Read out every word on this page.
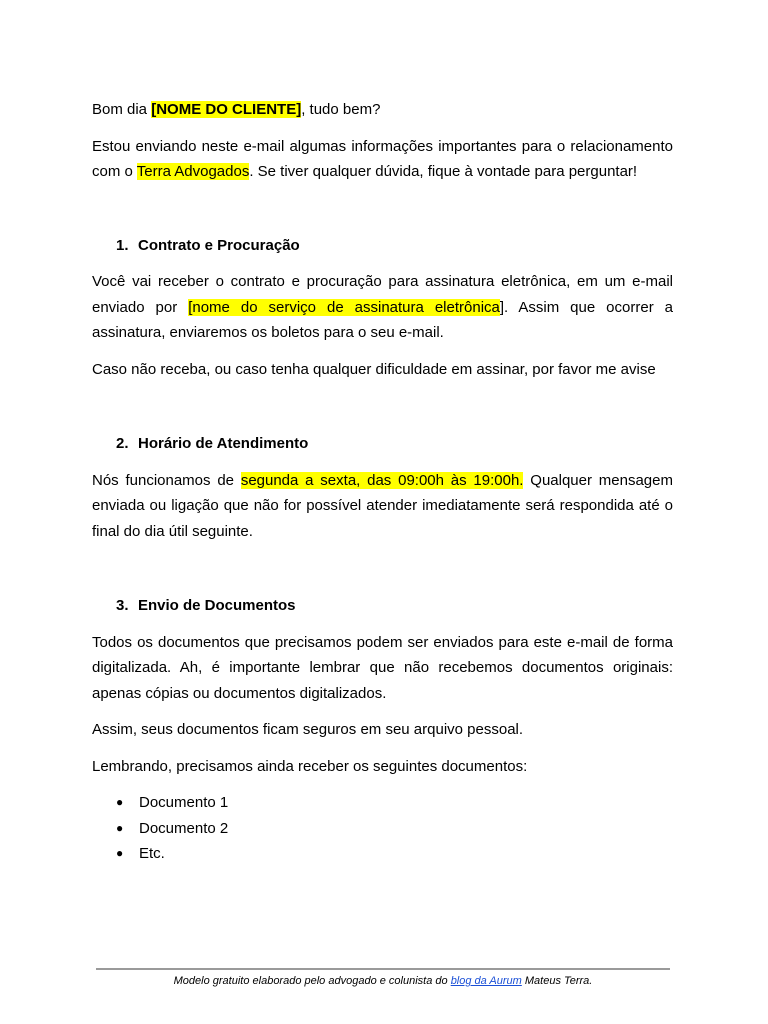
Bom dia [NOME DO CLIENTE], tudo bem?

Estou enviando neste e-mail algumas informações importantes para o relacionamento com o Terra Advogados. Se tiver qualquer dúvida, fique à vontade para perguntar!

1. Contrato e Procuração

Você vai receber o contrato e procuração para assinatura eletrônica, em um e-mail enviado por [nome do serviço de assinatura eletrônica]. Assim que ocorrer a assinatura, enviaremos os boletos para o seu e-mail.

Caso não receba, ou caso tenha qualquer dificuldade em assinar, por favor me avise

2. Horário de Atendimento

Nós funcionamos de segunda a sexta, das 09:00h às 19:00h. Qualquer mensagem enviada ou ligação que não for possível atender imediatamente será respondida até o final do dia útil seguinte.

3. Envio de Documentos

Todos os documentos que precisamos podem ser enviados para este e-mail de forma digitalizada. Ah, é importante lembrar que não recebemos documentos originais: apenas cópias ou documentos digitalizados.

Assim, seus documentos ficam seguros em seu arquivo pessoal.

Lembrando, precisamos ainda receber os seguintes documentos:

●	Documento 1
●	Documento 2
●	Etc.
Modelo gratuito elaborado pelo advogado e colunista do blog da Aurum Mateus Terra.
